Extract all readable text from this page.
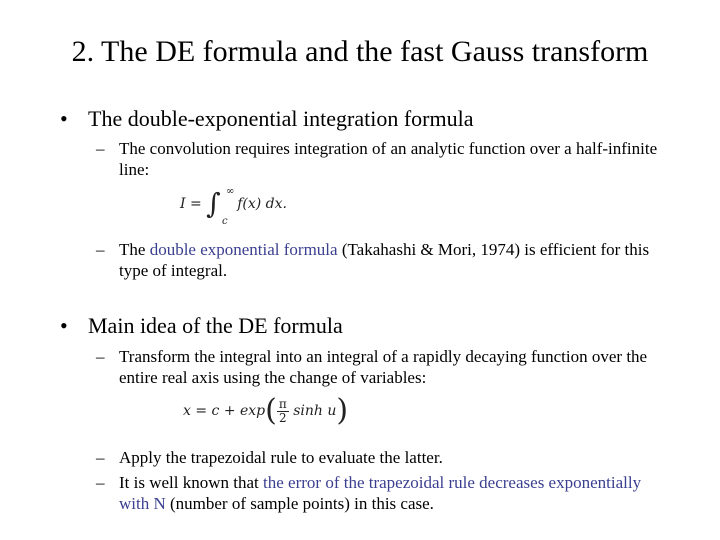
2. The DE formula and the fast Gauss transform
• The double-exponential integration formula
– The convolution requires integration of an analytic function over a half-infinite line:
I = ∫ ∞
c
f(x) dx.
– The double exponential formula (Takahashi & Mori, 1974) is efficient for this type of integral.
• Main idea of the DE formula
– Transform the integral into an integral of a rapidly decaying function over the entire real axis using the change of variables:
$x = c + \exp( \frac{\pi}{2}$ sinh u)
– Apply the trapezoidal rule to evaluate the latter.
– It is well known that the error of the trapezoidal rule decreases exponentially with N (number of sample points) in this case.
